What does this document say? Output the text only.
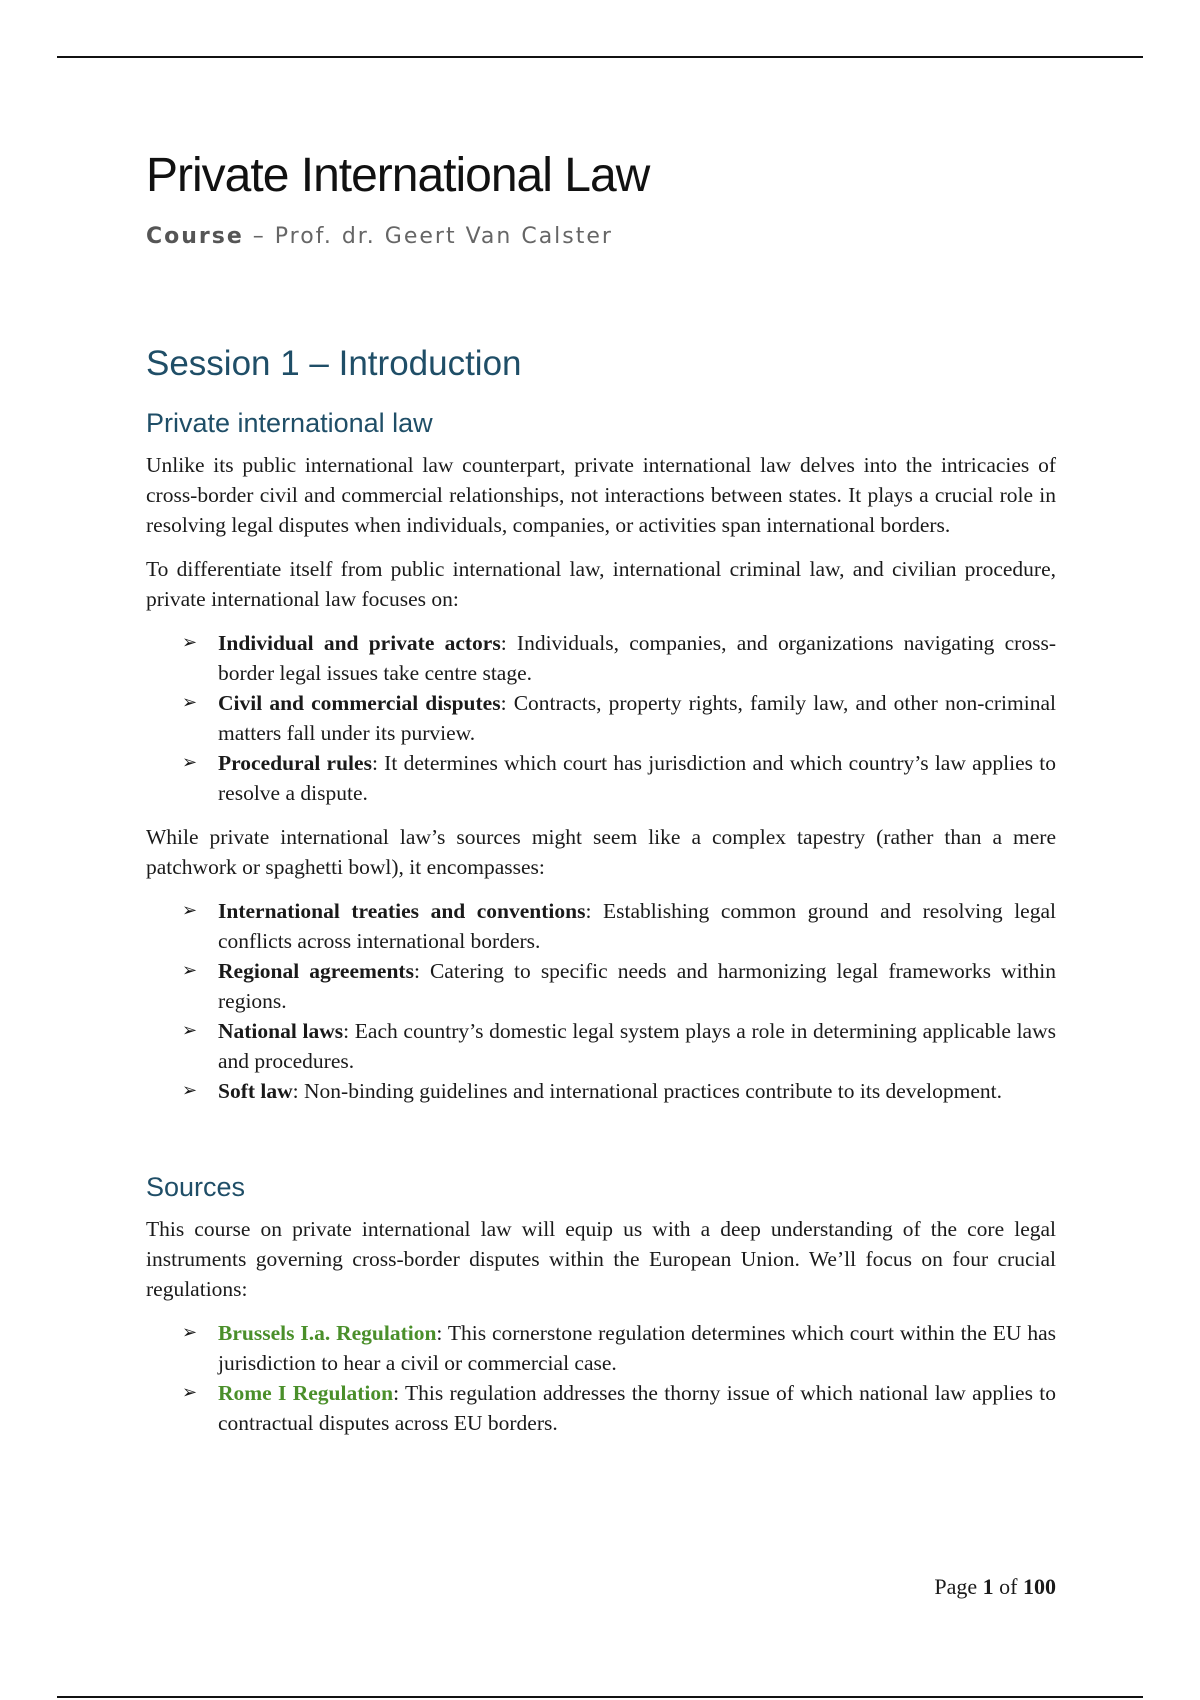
Private International Law
Course – Prof. dr. Geert Van Calster
Session 1 – Introduction
Private international law

Unlike its public international law counterpart, private international law delves into the intricacies of cross-border civil and commercial relationships, not interactions between states. It plays a crucial role in resolving legal disputes when individuals, companies, or activities span international borders.

To differentiate itself from public international law, international criminal law, and civilian procedure, private international law focuses on:

➢ Individual and private actors: Individuals, companies, and organizations navigating cross-border legal issues take centre stage.
➢ Civil and commercial disputes: Contracts, property rights, family law, and other non-criminal matters fall under its purview.
➢ Procedural rules: It determines which court has jurisdiction and which country’s law applies to resolve a dispute.

While private international law’s sources might seem like a complex tapestry (rather than a mere patchwork or spaghetti bowl), it encompasses:

➢ International treaties and conventions: Establishing common ground and resolving legal conflicts across international borders.
➢ Regional agreements: Catering to specific needs and harmonizing legal frameworks within regions.
➢ National laws: Each country’s domestic legal system plays a role in determining applicable laws and procedures.
➢ Soft law: Non-binding guidelines and international practices contribute to its development.
Sources

This course on private international law will equip us with a deep understanding of the core legal instruments governing cross-border disputes within the European Union. We’ll focus on four crucial regulations:

➢ Brussels I.a. Regulation: This cornerstone regulation determines which court within the EU has jurisdiction to hear a civil or commercial case.
➢ Rome I Regulation: This regulation addresses the thorny issue of which national law applies to contractual disputes across EU borders.
Page 1 of 100
